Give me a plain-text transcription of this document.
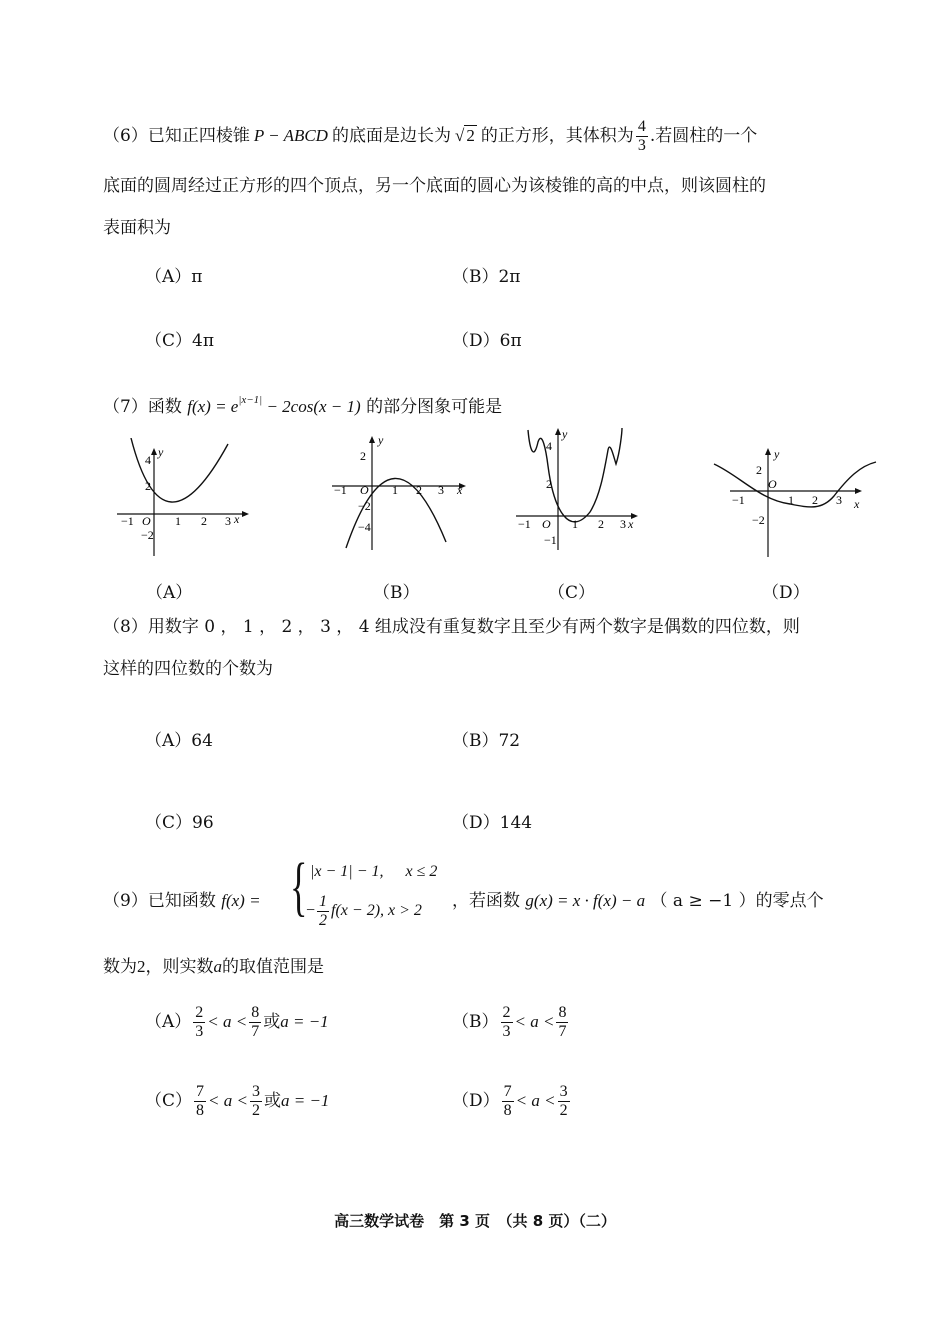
（6）已知正四棱锥 P − ABCD 的底面是边长为 √ 2 的正方形，其体积为 $\frac{4}{3}$ .若圆柱的一个
底面的圆周经过正方形的四个顶点，另一个底面的圆心为该棱锥的高的中点，则该圆柱的
表面积为
（A）π	（B）2π
（C）4π	（D）6π
（7）函数 $f(x) = e^{|x-1|} - 2\cos(x - 1)$ 的部分图象可能是
y
x
O
−1	1 2 3
4
2
−2
y
x
O
−1	1 2 3
2
−2
−4
y
x
O
−1	1 2 3
4
2
−1
y
x
O
−1	1 2 3
2
−2
（A）	（B）	（C）	（D）
（8）用数字 0 ， 1 ， 2 ， 3 ， 4 组成没有重复数字且至少有两个数字是偶数的四位数，则
这样的四位数的个数为
（A）64	（B）72
（C）96	（D）144
（9）已知函数 f(x) = { |x − 1| − 1, x ≤ 2
− $\frac{1}{2} f(x - 2)$, x > 2 ，若函数 g(x) = x · f(x) − a （ a ≥ −1 ）的零点个
数为2，则实数a的取值范围是
$(A) \frac{2}{3} < a < \frac{8}{7}$ 或a = −1	$(B) \frac{2}{3} < a < \frac{8}{7}$
$(C) \frac{7}{8} < a < \frac{3}{2}$ 或a = −1	$(D) \frac{7}{8} < a < \frac{3}{2}$
高三数学试卷　第 3 页　（共 8 页）（二）
